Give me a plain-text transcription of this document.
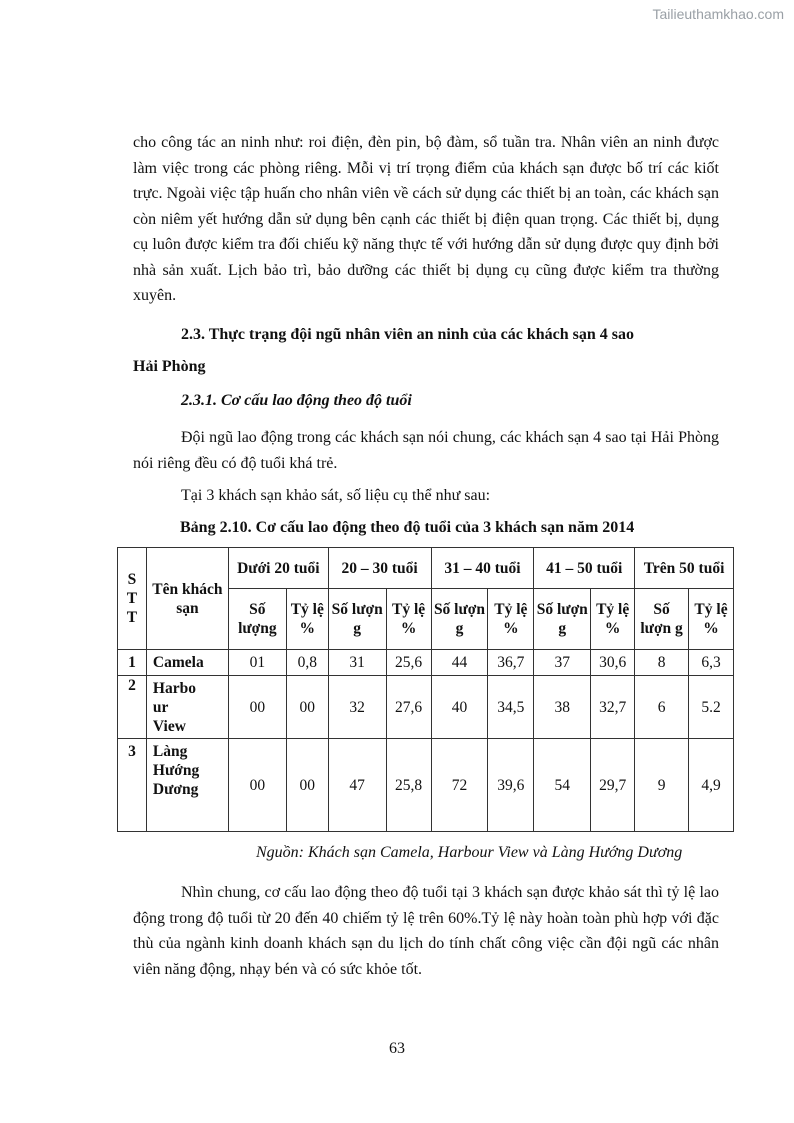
Tailieuthamkhao.com

cho công tác an ninh như: roi điện, đèn pin, bộ đàm, sổ tuần tra. Nhân viên an ninh được làm việc trong các phòng riêng. Mỗi vị trí trọng điểm của khách sạn được bố trí các kiốt trực. Ngoài việc tập huấn cho nhân viên về cách sử dụng các thiết bị an toàn, các khách sạn còn niêm yết hướng dẫn sử dụng bên cạnh các thiết bị điện quan trọng. Các thiết bị, dụng cụ luôn được kiểm tra đối chiếu kỹ năng thực tế với hướng dẫn sử dụng được quy định bởi nhà sản xuất. Lịch bảo trì, bảo dưỡng các thiết bị dụng cụ cũng được kiểm tra thường xuyên.

2.3. Thực trạng đội ngũ nhân viên an ninh của các khách sạn 4 sao
Hải Phòng
2.3.1. Cơ cấu lao động theo độ tuổi

Đội ngũ lao động trong các khách sạn nói chung, các khách sạn 4 sao tại Hải Phòng nói riêng đều có độ tuổi khá trẻ.

Tại 3 khách sạn khảo sát, số liệu cụ thể như sau:

Bảng 2.10. Cơ cấu lao động theo độ tuổi của 3 khách sạn năm 2014
S T T	Tên khách sạn	Dưới 20 tuổi		20 – 30 tuổi		31 – 40 tuổi		41 – 50 tuổi		Trên 50 tuổi	
		Số lượng	Tỷ lệ %	Số lượn g	Tỷ lệ %	Số lượn g	Tỷ lệ %	Số lượn g	Tỷ lệ %	Số lượn g	Tỷ lệ %
1	Camela	01	0,8	31	25,6	44	36,7	37	30,6	8	6,3
2	Harbo ur View	00	00	32	27,6	40	34,5	38	32,7	6	5.2
3	Làng Hướng Dương	00	00	47	25,8	72	39,6	54	29,7	9	4,9
Nguồn: Khách sạn Camela, Harbour View và Làng Hướng Dương

Nhìn chung, cơ cấu lao động theo độ tuổi tại 3 khách sạn được khảo sát thì tỷ lệ lao động trong độ tuổi từ 20 đến 40 chiếm tỷ lệ trên 60%.Tỷ lệ này hoàn toàn phù hợp với đặc thù của ngành kinh doanh khách sạn du lịch do tính chất công việc cần đội ngũ các nhân viên năng động, nhạy bén và có sức khỏe tốt.

63
